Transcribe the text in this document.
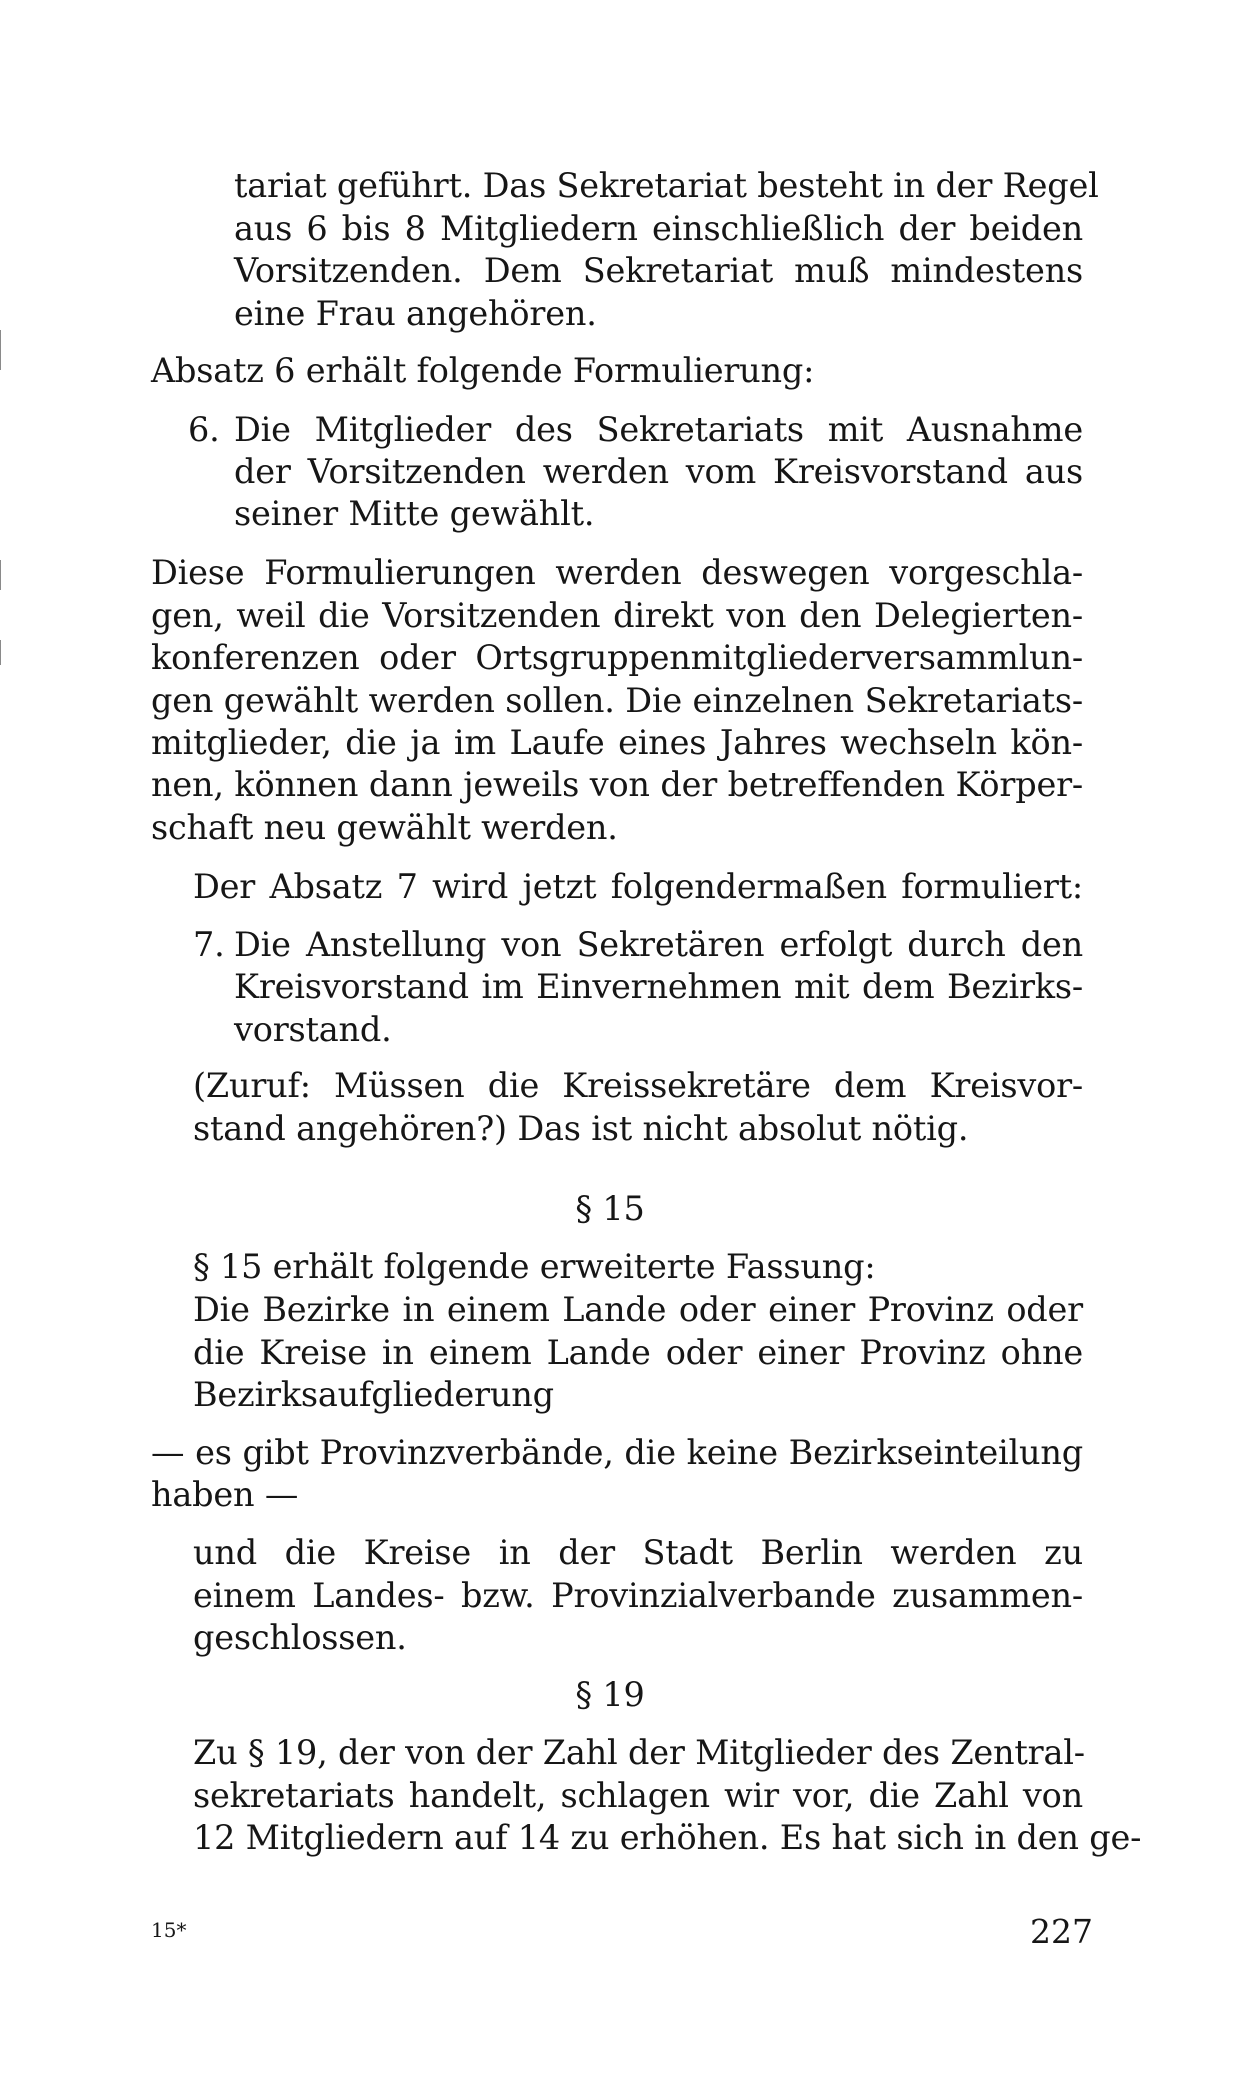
tariat geführt. Das Sekretariat besteht in der Regel

aus 6 bis 8 Mitgliedern einschließlich der beiden

Vorsitzenden. Dem Sekretariat muß mindestens

eine Frau angehören.

Absatz 6 erhält folgende Formulierung:

6. Die Mitglieder des Sekretariats mit Ausnahme

der Vorsitzenden werden vom Kreisvorstand aus

seiner Mitte gewählt.

Diese Formulierungen werden deswegen vorgeschla-

gen, weil die Vorsitzenden direkt von den Delegierten-

konferenzen oder Ortsgruppenmitgliederversammlun-

gen gewählt werden sollen. Die einzelnen Sekretariats-

mitglieder, die ja im Laufe eines Jahres wechseln kön-

nen, können dann jeweils von der betreffenden Körper-

schaft neu gewählt werden.

Der Absatz 7 wird jetzt folgendermaßen formuliert:

7. Die Anstellung von Sekretären erfolgt durch den

Kreisvorstand im Einvernehmen mit dem Bezirks-

vorstand.

(Zuruf: Müssen die Kreissekretäre dem Kreisvor-

stand angehören?) Das ist nicht absolut nötig.

§ 15

§ 15 erhält folgende erweiterte Fassung:

Die Bezirke in einem Lande oder einer Provinz oder

die Kreise in einem Lande oder einer Provinz ohne

Bezirksaufgliederung

— es gibt Provinzverbände, die keine Bezirkseinteilung

haben —

und die Kreise in der Stadt Berlin werden zu

einem Landes- bzw. Provinzialverbande zusammen-

geschlossen.

§ 19

Zu § 19, der von der Zahl der Mitglieder des Zentral-

sekretariats handelt, schlagen wir vor, die Zahl von

12 Mitgliedern auf 14 zu erhöhen. Es hat sich in den ge-

15*	227
